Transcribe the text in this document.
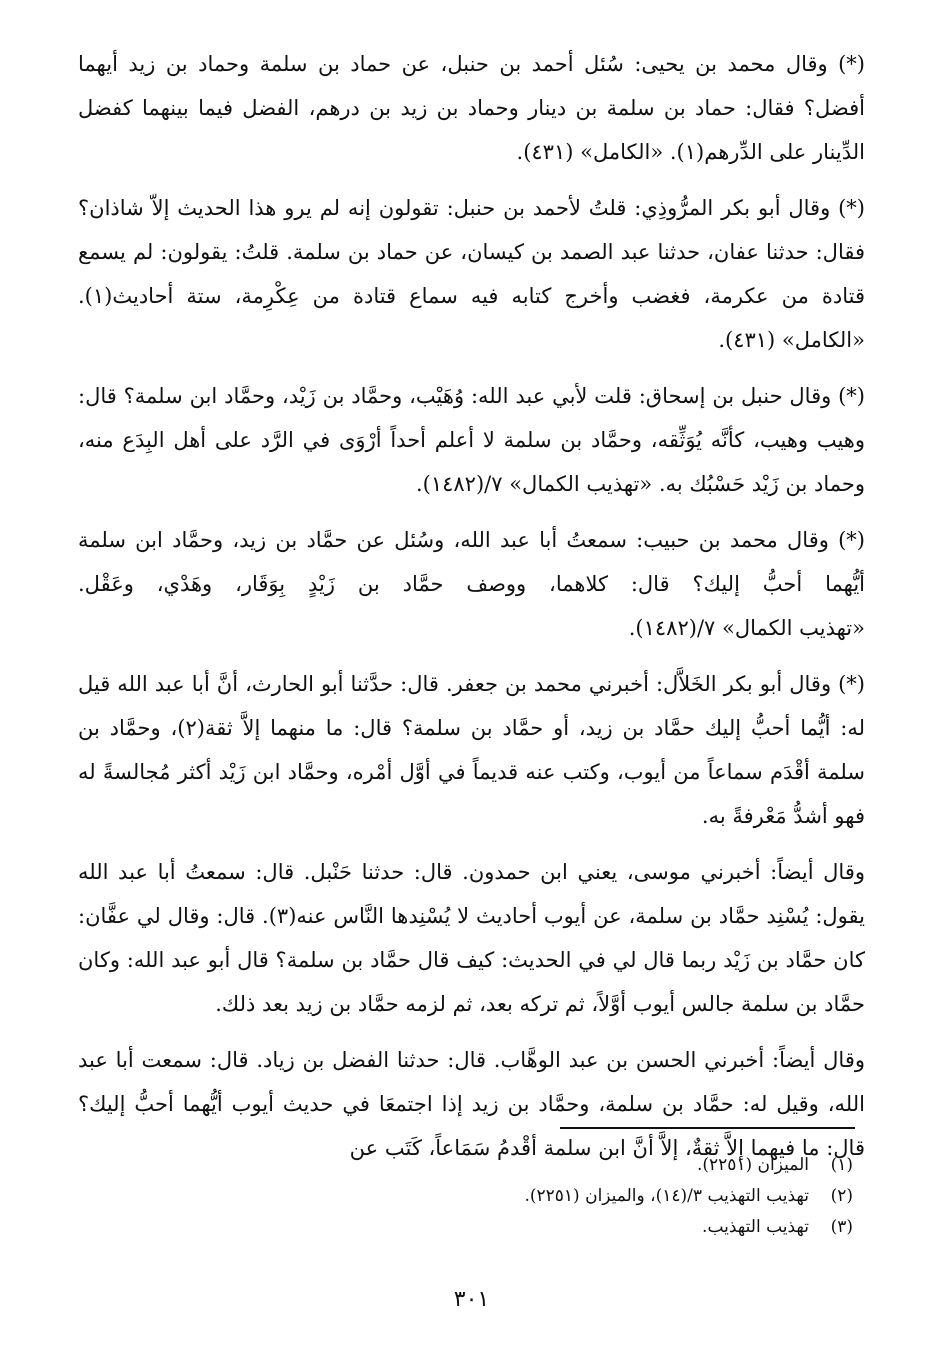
(*) وقال محمد بن يحيى: سُئل أحمد بن حنبل، عن حماد بن سلمة وحماد بن زيد أيهما أفضل؟ فقال: حماد بن سلمة بن دينار وحماد بن زيد بن درهم، الفضل فيما بينهما كفضل الدِّينار على الدِّرهم(١). «الكامل» (٤٣١).

(*) وقال أبو بكر المرُّوذِي: قلتُ لأحمد بن حنبل: تقولون إنه لم يرو هذا الحديث إلاّ شاذان؟ فقال: حدثنا عفان، حدثنا عبد الصمد بن كيسان، عن حماد بن سلمة. قلتُ: يقولون: لم يسمع قتادة من عكرمة، فغضب وأخرج كتابه فيه سماع قتادة من عِكْرِمة، ستة أحاديث(١). «الكامل» (٤٣١).

(*) وقال حنبل بن إسحاق: قلت لأبي عبد الله: وُهَيْب، وحمَّاد بن زَيْد، وحمَّاد ابن سلمة؟ قال: وهيب وهيب، كأنَّه يُوَثِّقه، وحمَّاد بن سلمة لا أعلم أحداً أرْوَى في الرَّد على أهل البِدَع منه، وحماد بن زَيْد حَسْبُك به. «تهذيب الكمال» ٧/(١٤٨٢).

(*) وقال محمد بن حبيب: سمعتُ أبا عبد الله، وسُئل عن حمَّاد بن زيد، وحمَّاد ابن سلمة أيُّهما أحبُّ إليك؟ قال: كلاهما، ووصف حمَّاد بن زَيْدٍ بِوَقَار، وهَدْي، وعَقْل. «تهذيب الكمال» ٧/(١٤٨٢).

(*) وقال أبو بكر الخَلاَّل: أخبرني محمد بن جعفر. قال: حدَّثنا أبو الحارث، أنَّ أبا عبد الله قيل له: أيُّما أحبُّ إليك حمَّاد بن زيد، أو حمَّاد بن سلمة؟ قال: ما منهما إلاَّ ثقة(٢)، وحمَّاد بن سلمة أقْدَم سماعاً من أيوب، وكتب عنه قديماً في أوَّل أمْره، وحمَّاد ابن زَيْد أكثر مُجالسةً له فهو أشدُّ مَعْرفةً به.

وقال أيضاً: أخبرني موسى، يعني ابن حمدون. قال: حدثنا حَنْبل. قال: سمعتُ أبا عبد الله يقول: يُسْنِد حمَّاد بن سلمة، عن أيوب أحاديث لا يُسْنِدها النَّاس عنه(٣). قال: وقال لي عفَّان: كان حمَّاد بن زَيْد ربما قال لي في الحديث: كيف قال حمَّاد بن سلمة؟ قال أبو عبد الله: وكان حمَّاد بن سلمة جالس أيوب أوَّلاً، ثم تركه بعد، ثم لزمه حمَّاد بن زيد بعد ذلك.

وقال أيضاً: أخبرني الحسن بن عبد الوهَّاب. قال: حدثنا الفضل بن زياد. قال: سمعت أبا عبد الله، وقيل له: حمَّاد بن سلمة، وحمَّاد بن زيد إذا اجتمعَا في حديث أيوب أيُّهما أحبُّ إليك؟ قال: ما فيهما إلاَّ ثقةٌ، إلاَّ أنَّ ابن سلمة أقْدمُ سَمَاعاً، كَتَب عن

(١)الميزان (٢٢٥١).

(٢)تهذيب التهذيب ٣/(١٤)، والميزان (٢٢٥١).

(٣)تهذيب التهذيب.

٣٠١
